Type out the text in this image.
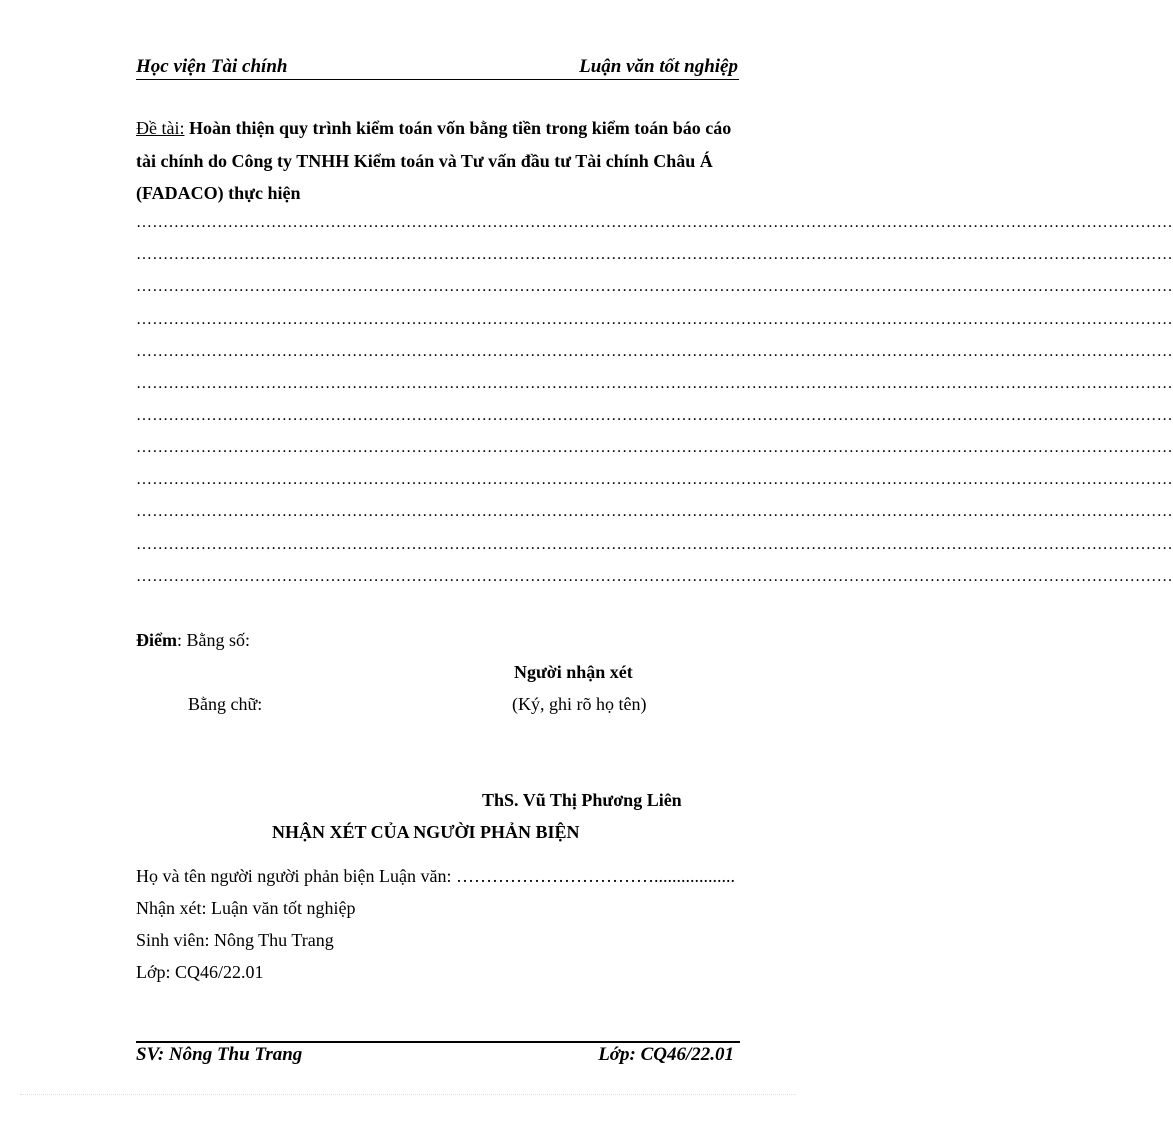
Học viện Tài chính	Luận văn tốt nghiệp
Đề tài: Hoàn thiện quy trình kiểm toán vốn bằng tiền trong kiểm toán báo cáo tài chính do Công ty TNHH Kiểm toán và Tư vấn đầu tư Tài chính Châu Á (FADACO) thực hiện
…………………………………………………………………………………………………………………………………………………………………………
…………………………………………………………………………………………………………………………………………………………………………
…………………………………………………………………………………………………………………………………………………………………………
…………………………………………………………………………………………………………………………………………………………………………
…………………………………………………………………………………………………………………………………………………………………………
…………………………………………………………………………………………………………………………………………………………………………
…………………………………………………………………………………………………………………………………………………………………………
…………………………………………………………………………………………………………………………………………………………………………
…………………………………………………………………………………………………………………………………………………………………………
…………………………………………………………………………………………………………………………………………………………………………
…………………………………………………………………………………………………………………………………………………………………………
…………………………………………………………………………………………………………………………………………………………………………
Điểm: Bằng số:
Người nhận xét
Bằng chữ:	(Ký, ghi rõ họ tên)
ThS. Vũ Thị Phương Liên
NHẬN XÉT CỦA NGƯỜI PHẢN BIỆN
Họ và tên người người phản biện Luận văn: ……………………………..................
Nhận xét: Luận văn tốt nghiệp
Sinh viên: Nông Thu Trang
Lớp: CQ46/22.01
SV: Nông Thu Trang	Lớp: CQ46/22.01
